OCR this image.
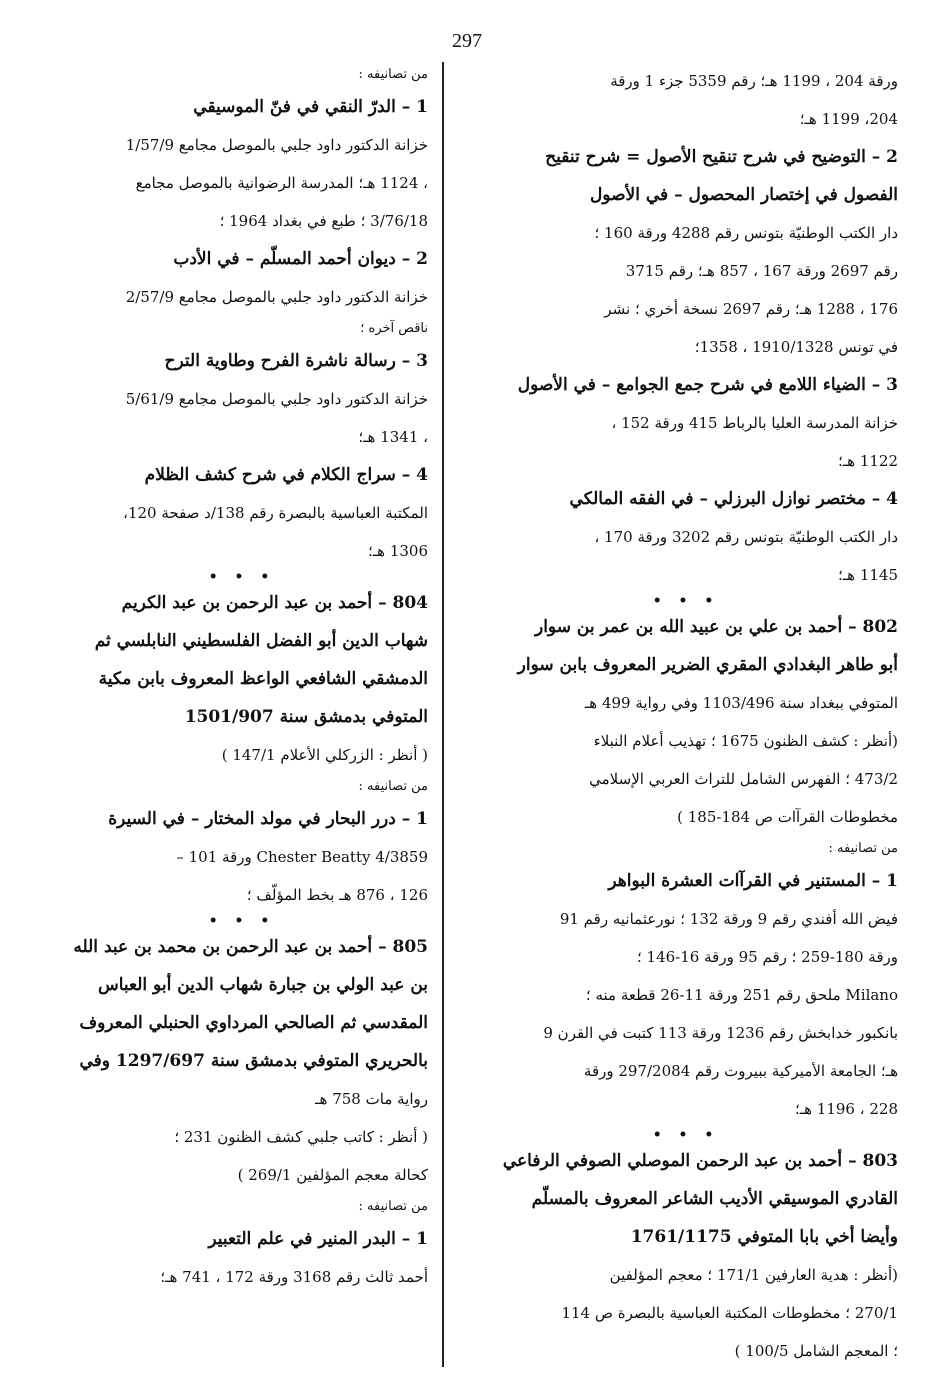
297
ورقة 204 ، 1199 هـ؛ رقم 5359 جزء 1 ورقة
204، 1199 هـ؛
2 – التوضيح في شرح تنقيح الأصول = شرح تنقيح
الفصول في إختصار المحصول – في الأصول
دار الكتب الوطنيّة بتونس رقم 4288 ورقة 160 ؛
رقم 2697 ورقة 167 ، 857 هـ؛ رقم 3715
176 ، 1288 هـ؛ رقم 2697 نسخة أخري ؛ نشر
في تونس 1910/1328 ، 1358؛
3 – الضياء اللامع في شرح جمع الجوامع – في الأصول
خزانة المدرسة العليا بالرباط 415 ورقة 152 ،
1122 هـ؛
4 – مختصر نوازل البرزلي – في الفقه المالكي
دار الكتب الوطنيّة بتونس رقم 3202 ورقة 170 ،
1145 هـ؛
• • •
802 – أحمد بن علي بن عبيد الله بن عمر بن سوار
أبو طاهر البغدادي المقري الضرير المعروف بابن سوار
المتوفي ببغداد سنة 1103/496 وفي رواية 499 هـ
(أنظر : كشف الظنون 1675 ؛ تهذيب أعلام النبلاء
473/2 ؛ الفهرس الشامل للتراث العربي الإسلامي
مخطوطات القرآات ص 184-185 )
من تصانيفه :
1 – المستنير في القرآات العشرة البواهر
فيض الله أفندي رقم 9 ورقة 132 ؛ نورعثمانيه رقم 91
ورقة 180-259 ؛ رقم 95 ورقة 16-146 ؛
Milano ملحق رقم 251 ورقة 11-26 قطعة منه ؛
بانكبور خدابخش رقم 1236 ورقة 113 كتبت في القرن 9
هـ؛ الجامعة الأميركية ببيروت رقم 297/2084 ورقة
228 ، 1196 هـ؛
• • •
803 – أحمد بن عبد الرحمن الموصلي الصوفي الرفاعي
القادري الموسيقي الأديب الشاعر المعروف بالمسلّم
وأيضا أخي بابا المتوفي 1761/1175
(أنظر : هدية العارفين 171/1 ؛ معجم المؤلفين
270/1 ؛ مخطوطات المكتبة العباسية بالبصرة ص 114
؛ المعجم الشامل 100/5 )
من تصانيفه :
1 – الدرّ النقي في فنّ الموسيقي
خزانة الدكتور داود جلبي بالموصل مجامع 1/57/9
، 1124 هـ؛ المدرسة الرضوانية بالموصل مجامع
3/76/18 ؛ طبع في بغداد 1964 ؛
2 – ديوان أحمد المسلّم – في الأدب
خزانة الدكتور داود جلبي بالموصل مجامع 2/57/9
ناقص آخره ؛
3 – رسالة ناشرة الفرح وطاوية الترح
خزانة الدكتور داود جلبي بالموصل مجامع 5/61/9
، 1341 هـ؛
4 – سراج الكلام في شرح كشف الظلام
المكتبة العباسية بالبصرة رقم 138/د صفحة 120،
1306 هـ؛
• • •
804 – أحمد بن عبد الرحمن بن عبد الكريم
شهاب الدين أبو الفضل الفلسطيني النابلسي ثم
الدمشقي الشافعي الواعظ المعروف بابن مكية
المتوفي بدمشق سنة 1501/907
( أنظر : الزركلي الأعلام 147/1 )
من تصانيفه :
1 – درر البحار في مولد المختار – في السيرة
Chester Beatty 4/3859 ورقة 101 –
126 ، 876 هـ بخط المؤلّف ؛
• • •
805 – أحمد بن عبد الرحمن بن محمد بن عبد الله
بن عبد الولي بن جبارة شهاب الدين أبو العباس
المقدسي ثم الصالحي المرداوي الحنبلي المعروف
بالحريري المتوفي بدمشق سنة 1297/697 وفي
رواية مات 758 هـ
( أنظر : كاتب جلبي كشف الظنون 231 ؛
كحالة معجم المؤلفين 269/1 )
من تصانيفه :
1 – البدر المنير في علم التعبير
أحمد ثالث رقم 3168 ورقة 172 ، 741 هـ؛
